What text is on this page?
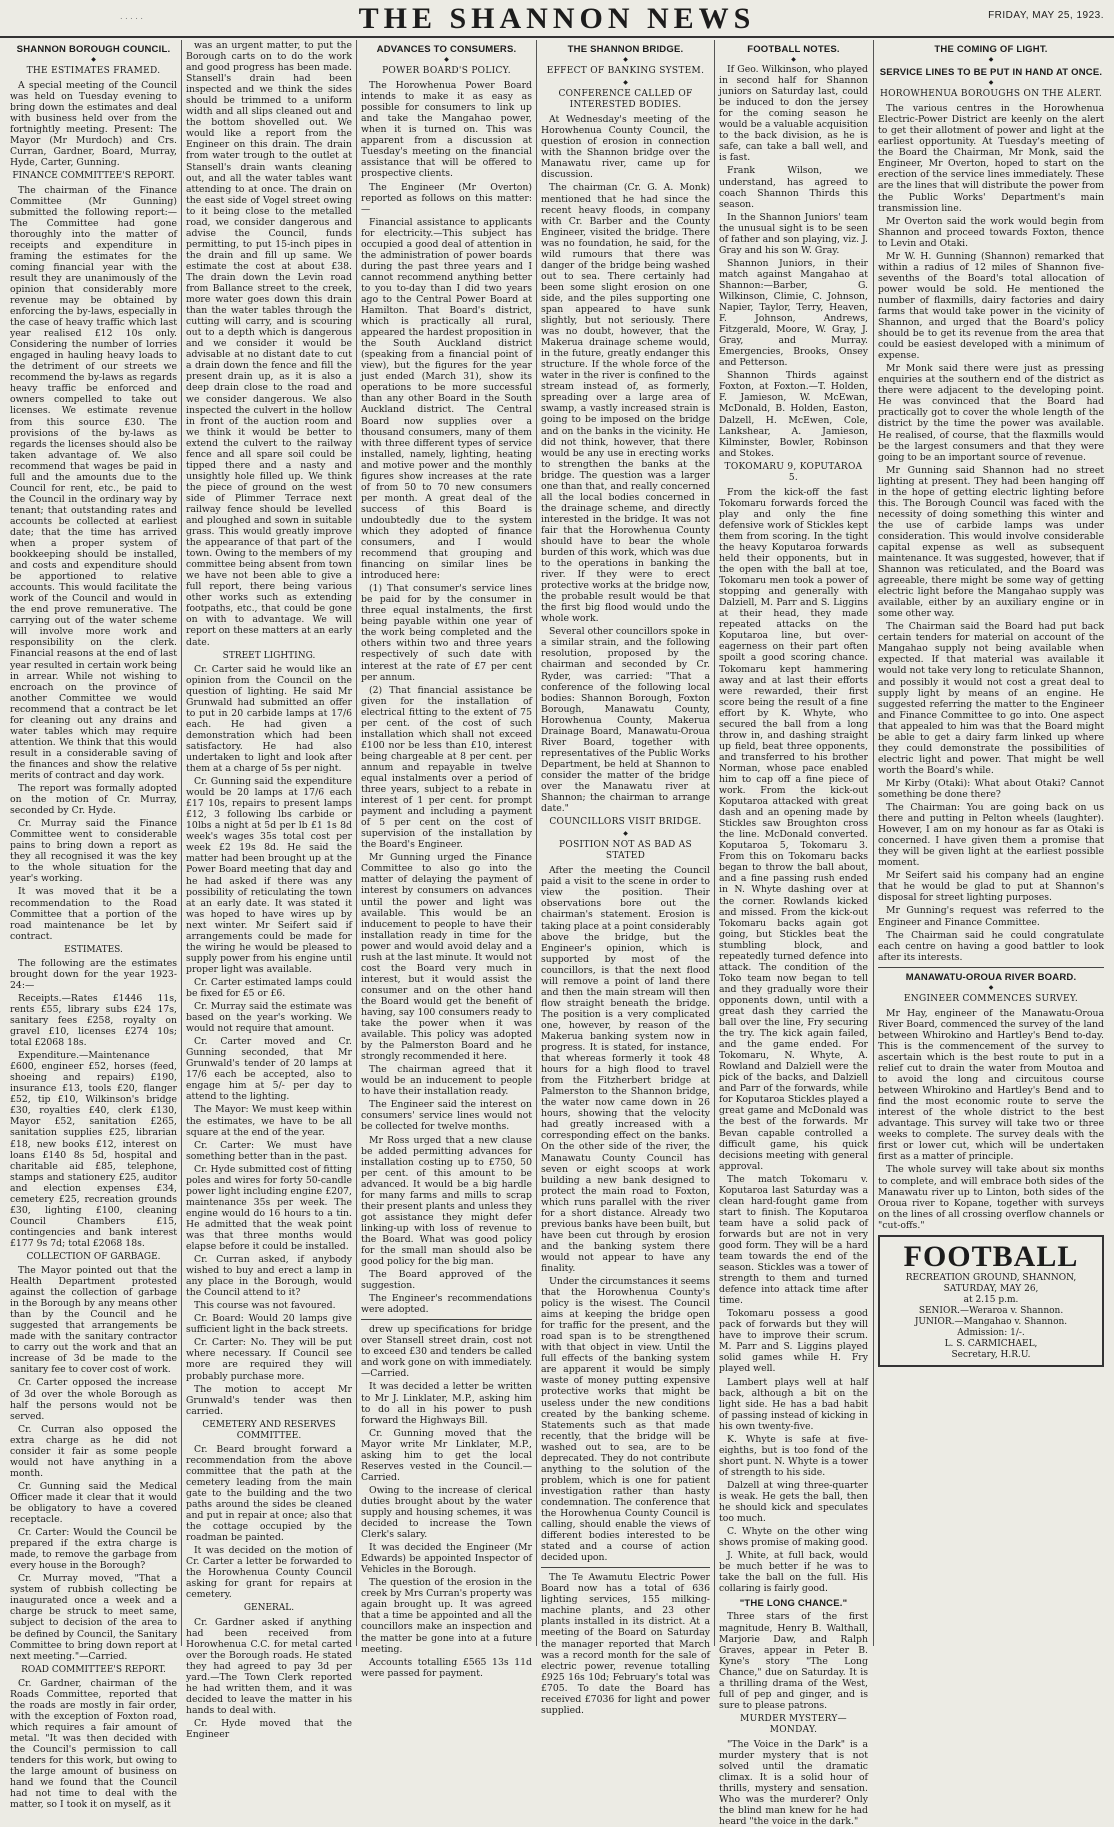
. . . . .	THE SHANNON NEWS	FRIDAY, MAY 25, 1923.
SHANNON BOROUGH COUNCIL.
◆
THE ESTIMATES FRAMED.

A special meeting of the Council was held on Tuesday evening to bring down the estimates and deal with business held over from the fortnightly meeting. Present: The Mayor (Mr Murdoch) and Crs. Curran, Gardner, Board, Murray, Hyde, Carter, Gunning.

FINANCE COMMITTEE'S REPORT.

The chairman of the Finance Committee (Mr Gunning) submitted the following report:—The Committee had gone thoroughly into the matter of receipts and expenditure in framing the estimates for the coming financial year with the result they are unanimously of the opinion that considerably more revenue may be obtained by enforcing the by-laws, especially in the case of heavy traffic which last year realised £12 10s only. Considering the number of lorries engaged in hauling heavy loads to the detriment of our streets we recommend the by-laws as regards heavy traffic be enforced and owners compelled to take out licenses. We estimate revenue from this source £30. The provisions of the by-laws as regards the licenses should also be taken advantage of. We also recommend that wages be paid in full and the amounts due to the Council for rent, etc., be paid to the Council in the ordinary way by tenant; that outstanding rates and accounts be collected at earliest date; that the time has arrived when a proper system of bookkeeping should be installed, and costs and expenditure should be apportioned to relative accounts. This would facilitate the work of the Council and would in the end prove remunerative. The carrying out of the water scheme will involve more work and responsibility on the clerk. Financial reasons at the end of last year resulted in certain work being in arrear. While not wishing to encroach on the province of another Committee we would recommend that a contract be let for cleaning out any drains and water tables which may require attention. We think that this would result in a considerable saving of the finances and show the relative merits of contract and day work.

The report was formally adopted on the motion of Cr. Murray, seconded by Cr. Hyde.

Cr. Murray said the Finance Committee went to considerable pains to bring down a report as they all recognised it was the key to the whole situation for the year's working.

It was moved that it be a recommendation to the Road Committee that a portion of the road maintenance be let by contract.

ESTIMATES.

The following are the estimates brought down for the year 1923-24:—

Receipts.—Rates £1446 11s, rents £55, library subs £24 17s, sanitary fees £258, royalty on gravel £10, licenses £274 10s; total £2068 18s.

Expenditure.—Maintenance £600, engineer £52, horses (feed, shoeing and repairs) £190, insurance £13, tools £20, flanger £52, tip £10, Wilkinson's bridge £30, royalties £40, clerk £130, Mayor £52, sanitation £265, sanitation supplies £25, librarian £18, new books £12, interest on loans £140 8s 5d, hospital and charitable aid £85, telephone, stamps and stationery £25, auditor and election expenses £34, cemetery £25, recreation grounds £30, lighting £100, cleaning Council Chambers £15, contingencies and bank interest £177 9s 7d; total £2068 18s.

COLLECTION OF GARBAGE.

The Mayor pointed out that the Health Department protested against the collection of garbage in the Borough by any means other than by the Council and he suggested that arrangements be made with the sanitary contractor to carry out the work and that an increase of 3d be made to the sanitary fee to cover cost of work.

Cr. Carter opposed the increase of 3d over the whole Borough as half the persons would not be served.

Cr. Curran also opposed the extra charge as he did not consider it fair as some people would not have anything in a month.

Cr. Gunning said the Medical Officer made it clear that it would be obligatory to have a covered receptacle.

Cr. Carter: Would the Council be prepared if the extra charge is made, to remove the garbage from every house in the Borough?

Cr. Murray moved, "That a system of rubbish collecting be inaugurated once a week and a charge be struck to meet same, subject to decision of the area to be defined by Council, the Sanitary Committee to bring down report at next meeting."—Carried.

ROAD COMMITTEE'S REPORT.

Cr. Gardner, chairman of the Roads Committee, reported that the roads are mostly in fair order, with the exception of Foxton road, which requires a fair amount of metal. "It was then decided with the Council's permission to call tenders for this work, but owing to the large amount of business on hand we found that the Council had not time to deal with the matter, so I took it on myself, as it

was an urgent matter, to put the Borough carts on to do the work and good progress has been made. Stansell's drain had been inspected and we think the sides should be trimmed to a uniform width and all slips cleaned out and the bottom shovelled out. We would like a report from the Engineer on this drain. The drain from water trough to the outlet at Stansell's drain wants cleaning out, and all the water tables want attending to at once. The drain on the east side of Vogel street owing to it being close to the metalled road, we consider dangerous and advise the Council, funds permitting, to put 15-inch pipes in the drain and fill up same. We estimate the cost at about £38. The drain down the Levin road from Ballance street to the creek, more water goes down this drain than the water tables through the cutting will carry, and is scouring out to a depth which is dangerous and we consider it would be advisable at no distant date to cut a drain down the fence and fill the present drain up, as it is also a deep drain close to the road and we consider dangerous. We also inspected the culvert in the hollow in front of the auction room and we think it would be better to extend the culvert to the railway fence and all spare soil could be tipped there and a nasty and unsightly hole filled up. We think the piece of ground on the west side of Plimmer Terrace next railway fence should be levelled and ploughed and sown in suitable grass. This would greatly improve the appearance of that part of the town. Owing to the members of my committee being absent from town we have not been able to give a full report, there being various other works such as extending footpaths, etc., that could be gone on with to advantage. We will report on these matters at an early date.

STREET LIGHTING.

Cr. Carter said he would like an opinion from the Council on the question of lighting. He said Mr Grunwald had submitted an offer to put in 20 carbide lamps at 17/6 each. He had given a demonstration which had been satisfactory. He had also undertaken to light and look after them at a charge of 5s per night.

Cr. Gunning said the expenditure would be 20 lamps at 17/6 each £17 10s, repairs to present lamps £12, 3 following lbs carbide or 10lbs a night at 5d per lb £1 1s 8d week's wages 35s total cost per week £2 19s 8d. He said the matter had been brought up at the Power Board meeting that day and he had asked if there was any possibility of reticulating the town at an early date. It was stated it was hoped to have wires up by next winter. Mr Seifert said if arrangements could be made for the wiring he would be pleased to supply power from his engine until proper light was available.

Cr. Carter estimated lamps could be fixed for £5 or £6.

Cr. Murray said the estimate was based on the year's working. We would not require that amount.

Cr. Carter moved and Cr. Gunning seconded, that Mr Grunwald's tender of 20 lamps at 17/6 each be accepted, also to engage him at 5/- per day to attend to the lighting.

The Mayor: We must keep within the estimates, we have to be all square at the end of the year.

Cr. Carter: We must have something better than in the past.

Cr. Hyde submitted cost of fitting poles and wires for forty 50-candle power light including engine £207, maintenance 35s per week. The engine would do 16 hours to a tin. He admitted that the weak point was that three months would elapse before it could be installed.

Cr. Curran asked, if anybody wished to buy and erect a lamp in any place in the Borough, would the Council attend to it?

This course was not favoured.

Cr. Board: Would 20 lamps give sufficient light in the back streets.

Cr. Carter: No. They will be put where necessary. If Council see more are required they will probably purchase more.

The motion to accept Mr Grunwald's tender was then carried.

CEMETERY AND RESERVES COMMITTEE.

Cr. Beard brought forward a recommendation from the above committee that the path at the cemetery leading from the main gate to the building and the two paths around the sides be cleaned and put in repair at once; also that the cottage occupied by the roadman be painted.

It was decided on the motion of Cr. Carter a letter be forwarded to the Horowhenua County Council asking for grant for repairs at cemetery.

GENERAL.

Cr. Gardner asked if anything had been received from Horowhenua C.C. for metal carted over the Borough roads. He stated they had agreed to pay 3d per yard.—The Town Clerk reported he had written them, and it was decided to leave the matter in his hands to deal with.

Cr. Hyde moved that the Engineer

ADVANCES TO CONSUMERS.
◆
POWER BOARD'S POLICY.

The Horowhenua Power Board intends to make it as easy as possible for consumers to link up and take the Mangahao power, when it is turned on. This was apparent from a discussion at Tuesday's meeting on the financial assistance that will be offered to prospective clients.

The Engineer (Mr Overton) reported as follows on this matter:—

Financial assistance to applicants for electricity.—This subject has occupied a good deal of attention in the administration of power boards during the past three years and I cannot recommend anything better to you to-day than I did two years ago to the Central Power Board at Hamilton. That Board's district, which is practically all rural, appeared the hardest proposition in the South Auckland district (speaking from a financial point of view), but the figures for the year just ended (March 31), show its operations to be more successful than any other Board in the South Auckland district. The Central Board now supplies over a thousand consumers, many of them with three different types of service installed, namely, lighting, heating and motive power and the monthly figures show increases at the rate of from 50 to 70 new consumers per month. A great deal of the success of this Board is undoubtedly due to the system which they adopted of finance consumers, and I would recommend that grouping and financing on similar lines be introduced here:

(1) That consumer's service lines be paid for by the consumer in three equal instalments, the first being payable within one year of the work being completed and the others within two and three years respectively of such date with interest at the rate of £7 per cent per annum.

(2) That financial assistance be given for the installation of electrical fitting to the extent of 75 per cent. of the cost of such installation which shall not exceed £100 nor be less than £10, interest being chargeable at 8 per cent. per annum and repayable in twelve equal instalments over a period of three years, subject to a rebate in interest of 1 per cent. for prompt payment and including a payment of 5 per cent on the cost of supervision of the installation by the Board's Engineer.

Mr Gunning urged the Finance Committee to also go into the matter of delaying the payment of interest by consumers on advances until the power and light was available. This would be an inducement to people to have their installation ready in time for the power and would avoid delay and a rush at the last minute. It would not cost the Board very much in interest, but it would assist the consumer and on the other hand the Board would get the benefit of having, say 100 consumers ready to take the power when it was available. This policy was adopted by the Palmerston Board and he strongly recommended it here.

The chairman agreed that it would be an inducement to people to have their installation ready.

The Engineer said the interest on consumers' service lines would not be collected for twelve months.

Mr Ross urged that a new clause be added permitting advances for installation costing up to £750, 50 per cent. of this amount to be advanced. It would be a big hardle for many farms and mills to scrap their present plants and unless they got assistance they might defer linking-up with loss of revenue to the Board. What was good policy for the small man should also be good policy for the big man.

The Board approved of the suggestion.

The Engineer's recommendations were adopted.

drew up specifications for bridge over Stansell street drain, cost not to exceed £30 and tenders be called and work gone on with immediately.—Carried.

It was decided a letter be written to Mr J. Linklater, M.P., asking him to do all in his power to push forward the Highways Bill.

Cr. Gunning moved that the Mayor write Mr Linklater, M.P., asking him to get the local Reserves vested in the Council.—Carried.

Owing to the increase of clerical duties brought about by the water supply and housing schemes, it was decided to increase the Town Clerk's salary.

It was decided the Engineer (Mr Edwards) be appointed Inspector of Vehicles in the Borough.

The question of the erosion in the creek by Mrs Curran's property was again brought up. It was agreed that a time be appointed and all the councillors make an inspection and the matter be gone into at a future meeting.

Accounts totalling £565 13s 11d were passed for payment.

THE SHANNON BRIDGE.
◆
EFFECT OF BANKING SYSTEM.
◆
CONFERENCE CALLED OF INTERESTED BODIES.

At Wednesday's meeting of the Horowhenua County Council, the question of erosion in connection with the Shannon bridge over the Manawatu river, came up for discussion.

The chairman (Cr. G. A. Monk) mentioned that he had since the recent heavy floods, in company with Cr. Barber and the County Engineer, visited the bridge. There was no foundation, he said, for the wild rumours that there was danger of the bridge being washed out to sea. There certainly had been some slight erosion on one side, and the piles supporting one span appeared to have sunk slightly, but not seriously. There was no doubt, however, that the Makerua drainage scheme would, in the future, greatly endanger this structure. If the whole force of the water in the river is confined to the stream instead of, as formerly, spreading over a large area of swamp, a vastly increased strain is going to be imposed on the bridge and on the banks in the vicinity. He did not think, however, that there would be any use in erecting works to strengthen the banks at the bridge. The question was a larger one than that, and really concerned all the local bodies concerned in the drainage scheme, and directly interested in the bridge. It was not fair that the Horowhenua County should have to bear the whole burden of this work, which was due to the operations in banking the river. If they were to erect protective works at the bridge now, the probable result would be that the first big flood would undo the whole work.

Several other councillors spoke in a similar strain, and the following resolution, proposed by the chairman and seconded by Cr. Ryder, was carried: "That a conference of the following local bodies: Shannon Borough, Foxton Borough, Manawatu County, Horowhenua County, Makerua Drainage Board, Manawatu-Oroua River Board, together with representatives of the Public Works Department, be held at Shannon to consider the matter of the bridge over the Manawatu river at Shannon; the chairman to arrange date."

COUNCILLORS VISIT BRIDGE.
◆
POSITION NOT AS BAD AS STATED

After the meeting the Council paid a visit to the scene in order to view the position. Their observations bore out the chairman's statement. Erosion is taking place at a point considerably above the bridge, but the Engineer's opinion, which is supported by most of the councillors, is that the next flood will remove a point of land there and then the main stream will then flow straight beneath the bridge. The position is a very complicated one, however, by reason of the Makerua banking system now in progress. It is stated, for instance, that whereas formerly it took 48 hours for a high flood to travel from the Fitzherbert bridge at Palmerston to the Shannon bridge, the water now came down in 26 hours, showing that the velocity had greatly increased with a corresponding effect on the banks. On the other side of the river, the Manawatu County Council has seven or eight scoops at work building a new bank designed to protect the main road to Foxton, which runs parallel with the river for a short distance. Already two previous banks have been built, but have been cut through by erosion and the banking system there would not appear to have any finality.

Under the circumstances it seems that the Horowhenua County's policy is the wisest. The Council aims at keeping the bridge open for traffic for the present, and the road span is to be strengthened with that object in view. Until the full effects of the banking system are apparent it would be simply waste of money putting expensive protective works that might be useless under the new conditions created by the banking scheme. Statements such as that made recently, that the bridge will be washed out to sea, are to be deprecated. They do not contribute anything to the solution of the problem, which is one for patient investigation rather than hasty condemnation. The conference that the Horowhenua County Council is calling, should enable the views of different bodies interested to be stated and a course of action decided upon.

The Te Awamutu Electric Power Board now has a total of 636 lighting services, 155 milking-machine plants, and 23 other plants installed in its district. At a meeting of the Board on Saturday the manager reported that March was a record month for the sale of electric power, revenue totalling £925 16s 10d; February's total was £705. To date the Board has received £7036 for light and power supplied.

FOOTBALL NOTES.
◆

If Geo. Wilkinson, who played in second half for Shannon juniors on Saturday last, could be induced to don the jersey for the coming season he would be a valuable acquisition to the back division, as he is safe, can take a ball well, and is fast.

Frank Wilson, we understand, has agreed to coach Shannon Thirds this season.

In the Shannon Juniors' team the unusual sight is to be seen of father and son playing, viz. J. Gray and his son W. Gray.

Shannon Juniors, in their match against Mangahao at Shannon:—Barber, G. Wilkinson, Climie, C. Johnson, Napier, Taylor, Terry, Heaven, F. Johnson, Andrews, Fitzgerald, Moore, W. Gray, J. Gray, and Murray. Emergencies, Brooks, Onsey and Petterson.

Shannon Thirds against Foxton, at Foxton.—T. Holden, F. Jamieson, W. McEwan, McDonald, B. Holden, Easton, Dalzell, H. McEwen, Cole, Lankshear, A. Jamieson, Kilminster, Bowler, Robinson and Stokes.

TOKOMARU 9, KOPUTAROA 5.

From the kick-off the fast Tokomaru forwards forced the play and only the fine defensive work of Stickles kept them from scoring. In the tight the heavy Koputaroa forwards held their opponents, but in the open with the ball at toe, Tokomaru men took a power of stopping and generally with Dalziell, M. Parr and S. Liggins at their head, they made repeated attacks on the Koputaroa line, but over-eagerness on their part often spoilt a good scoring chance. Tokomaru kept hammering away and at last their efforts were rewarded, their first score being the result of a fine effort by K. Whyte, who secured the ball from a long throw in, and dashing straight up field, beat three opponents, and transferred to his brother Norman, whose pace enabled him to cap off a fine piece of work. From the kick-out Koputaroa attacked with great dash and an opening made by Stickles saw Broughton cross the line. McDonald converted. Koputaroa 5, Tokomaru 3. From this on Tokomaru backs began to throw the ball about, and a fine passing rush ended in N. Whyte dashing over at the corner. Rowlands kicked and missed. From the kick-out Tokomaru backs again got going, but Stickles beat the stumbling block, and repeatedly turned defence into attack. The condition of the Toko team now began to tell and they gradually wore their opponents down, until with a great dash they carried the ball over the line, Fry securing the try. The kick again failed, and the game ended. For Tokomaru, N. Whyte, A. Rowland and Dalziell were the pick of the backs, and Dalziell and Parr of the forwards, while for Koputaroa Stickles played a great game and McDonald was the best of the forwards. Mr Bevan capable controlled a difficult game, his quick decisions meeting with general approval.

The match Tokomaru v. Koputaroa last Saturday was a clean hard-fought game from start to finish. The Koputaroa team have a solid pack of forwards but are not in very good form. They will be a hard team towards the end of the season. Stickles was a tower of strength to them and turned defence into attack time after time.

Tokomaru possess a good pack of forwards but they will have to improve their scrum. M. Parr and S. Liggins played solid games while H. Fry played well.

Lambert plays well at half back, although a bit on the light side. He has a bad habit of passing instead of kicking in his own twenty-five.

K. Whyte is safe at five-eighths, but is too fond of the short punt. N. Whyte is a tower of strength to his side.

Dalzell at wing three-quarter is weak. He gets the ball, then he should kick and speculates too much.

C. Whyte on the other wing shows promise of making good.

J. White, at full back, would be much better if he was to take the ball on the full. His collaring is fairly good.

"THE LONG CHANCE."

Three stars of the first magnitude, Henry B. Walthall, Marjorie Daw, and Ralph Graves, appear in Peter B. Kyne's story "The Long Chance," due on Saturday. It is a thrilling drama of the West, full of pep and ginger, and is sure to please patrons.

MURDER MYSTERY—MONDAY.

"The Voice in the Dark" is a murder mystery that is not solved until the dramatic climax. It is a solid hour of thrills, mystery and sensation. Who was the murderer? Only the blind man knew for he had heard "the voice in the dark."

THE COMING OF LIGHT.
◆
SERVICE LINES TO BE PUT IN HAND AT ONCE.
◆
HOROWHENUA BOROUGHS ON THE ALERT.

The various centres in the Horowhenua Electric-Power District are keenly on the alert to get their allotment of power and light at the earliest opportunity. At Tuesday's meeting of the Board the Chairman, Mr Monk, said the Engineer, Mr Overton, hoped to start on the erection of the service lines immediately. These are the lines that will distribute the power from the Public Works' Department's main transmission line.

Mr Overton said the work would begin from Shannon and proceed towards Foxton, thence to Levin and Otaki.

Mr W. H. Gunning (Shannon) remarked that within a radius of 12 miles of Shannon five-sevenths of the Board's total allocation of power would be sold. He mentioned the number of flaxmills, dairy factories and dairy farms that would take power in the vicinity of Shannon, and urged that the Board's policy should be to get its revenue from the area that could be easiest developed with a minimum of expense.

Mr Monk said there were just as pressing enquiries at the southern end of the district as there were adjacent to the developing point. He was convinced that the Board had practically got to cover the whole length of the district by the time the power was available. He realised, of course, that the flaxmills would be the largest consumers and that they were going to be an important source of revenue.

Mr Gunning said Shannon had no street lighting at present. They had been hanging off in the hope of getting electric lighting before this. The Borough Council was faced with the necessity of doing something this winter and the use of carbide lamps was under consideration. This would involve considerable capital expense as well as subsequent maintenance. It was suggested, however, that if Shannon was reticulated, and the Board was agreeable, there might be some way of getting electric light before the Mangahao supply was available, either by an auxiliary engine or in some other way.

The Chairman said the Board had put back certain tenders for material on account of the Mangahao supply not being available when expected. If that material was available it would not take very long to reticulate Shannon, and possibly it would not cost a great deal to supply light by means of an engine. He suggested referring the matter to the Engineer and Finance Committee to go into. One aspect that appealed to him was that the Board might be able to get a dairy farm linked up where they could demonstrate the possibilities of electric light and power. That might be well worth the Board's while.

Mr Kirby (Otaki): What about Otaki? Cannot something be done there?

The Chairman: You are going back on us there and putting in Pelton wheels (laughter). However, I am on my honour as far as Otaki is concerned. I have given them a promise that they will be given light at the earliest possible moment.

Mr Seifert said his company had an engine that he would be glad to put at Shannon's disposal for street lighting purposes.

Mr Gunning's request was referred to the Engineer and Finance Committee.

The Chairman said he could congratulate each centre on having a good battler to look after its interests.

MANAWATU-OROUA RIVER BOARD.
◆
ENGINEER COMMENCES SURVEY.

Mr Hay, engineer of the Manawatu-Oroua River Board, commenced the survey of the land between Whirokino and Hartley's Bend to-day. This is the commencement of the survey to ascertain which is the best route to put in a relief cut to drain the water from Moutoa and to avoid the long and circuitous course between Whirokino and Hartley's Bend and to find the most economic route to serve the interest of the whole district to the best advantage. This survey will take two or three weeks to complete. The survey deals with the first or lower cut, which will be undertaken first as a matter of principle.

The whole survey will take about six months to complete, and will embrace both sides of the Manawatu river up to Linton, both sides of the Oroua river to Kopane, together with surveys on the lines of all crossing overflow channels or "cut-offs."

FOOTBALL
RECREATION GROUND, SHANNON,
SATURDAY, MAY 26,
at 2.15 p.m.
SENIOR.—Weraroa v. Shannon.
JUNIOR.—Mangahao v. Shannon.
Admission: 1/-.
L. S. CARMICHAEL,
Secretary, H.R.U.
